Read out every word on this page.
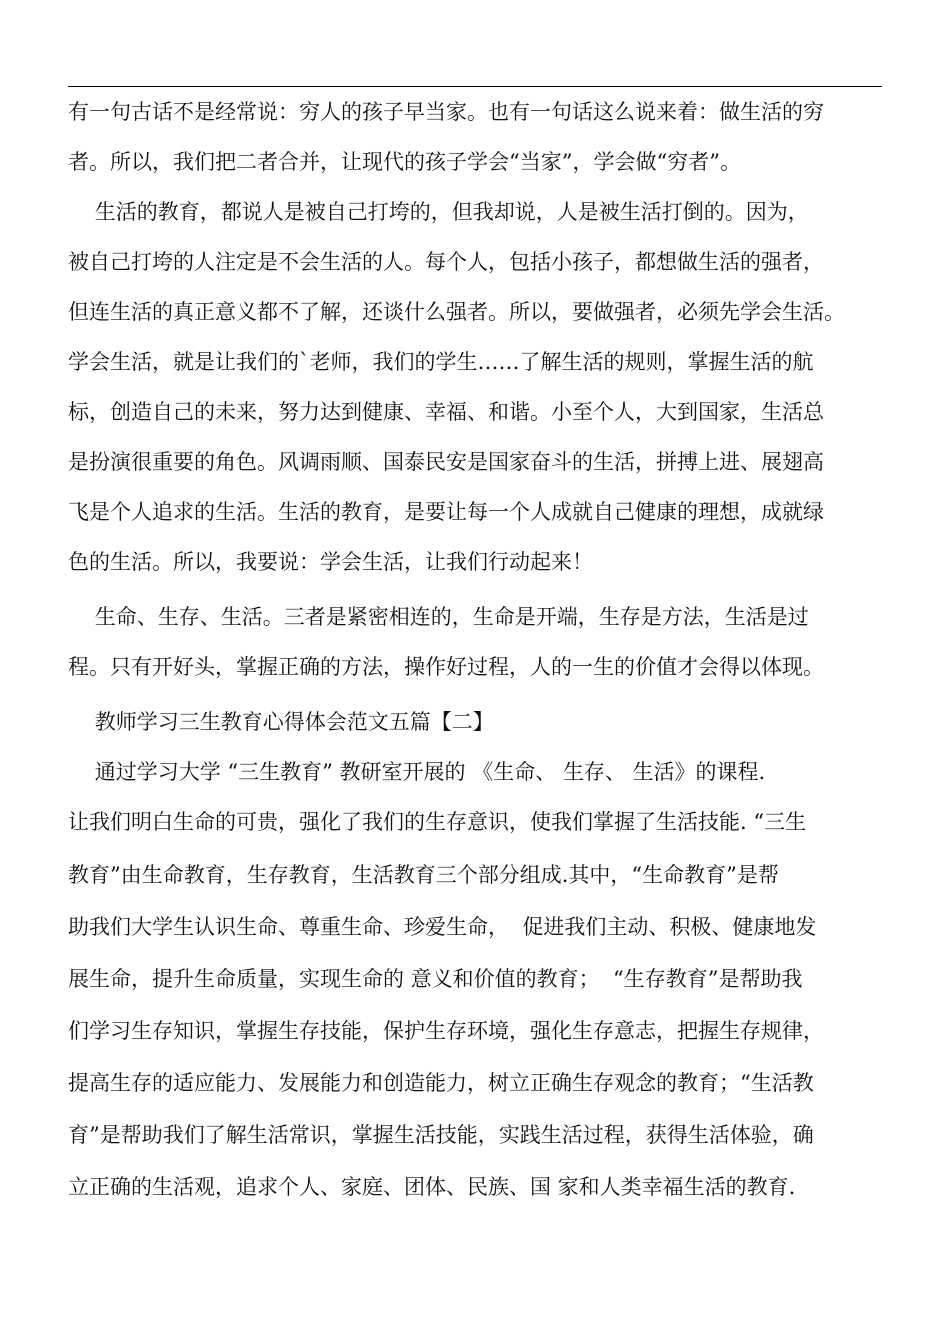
有一句古话不是经常说：穷人的孩子早当家。也有一句话这么说来着：做生活的穷
者。所以，我们把二者合并，让现代的孩子学会“当家”，学会做“穷者”。
生活的教育，都说人是被自己打垮的，但我却说，人是被生活打倒的。因为，
被自己打垮的人注定是不会生活的人。每个人，包括小孩子，都想做生活的强者，
但连生活的真正意义都不了解，还谈什么强者。所以，要做强者，必须先学会生活。
学会生活，就是让我们的`老师，我们的学生……了解生活的规则，掌握生活的航
标，创造自己的未来，努力达到健康、幸福、和谐。小至个人，大到国家，生活总
是扮演很重要的角色。风调雨顺、国泰民安是国家奋斗的生活，拼搏上进、展翅高
飞是个人追求的生活。生活的教育，是要让每一个人成就自己健康的理想，成就绿
色的生活。所以，我要说：学会生活，让我们行动起来！
生命、生存、生活。三者是紧密相连的，生命是开端，生存是方法，生活是过
程。只有开好头，掌握正确的方法，操作好过程，人的一生的价值才会得以体现。
教师学习三生教育心得体会范文五篇【二】
通过学习大学 “三生教育” 教研室开展的 《生命、 生存、 生活》的课程.
让我们明白生命的可贵，强化了我们的生存意识，使我们掌握了生活技能. “三生
教育”由生命教育，生存教育，生活教育三个部分组成.其中，“生命教育”是帮
助我们大学生认识生命、尊重生命、珍爱生命，  促进我们主动、积极、健康地发
展生命，提升生命质量，实现生命的 意义和价值的教育；  “生存教育”是帮助我
们学习生存知识，掌握生存技能，保护生存环境，强化生存意志，把握生存规律，
提高生存的适应能力、发展能力和创造能力，树立正确生存观念的教育；“生活教
育”是帮助我们了解生活常识，掌握生活技能，实践生活过程，获得生活体验，确
立正确的生活观，追求个人、家庭、团体、民族、国 家和人类幸福生活的教育.
